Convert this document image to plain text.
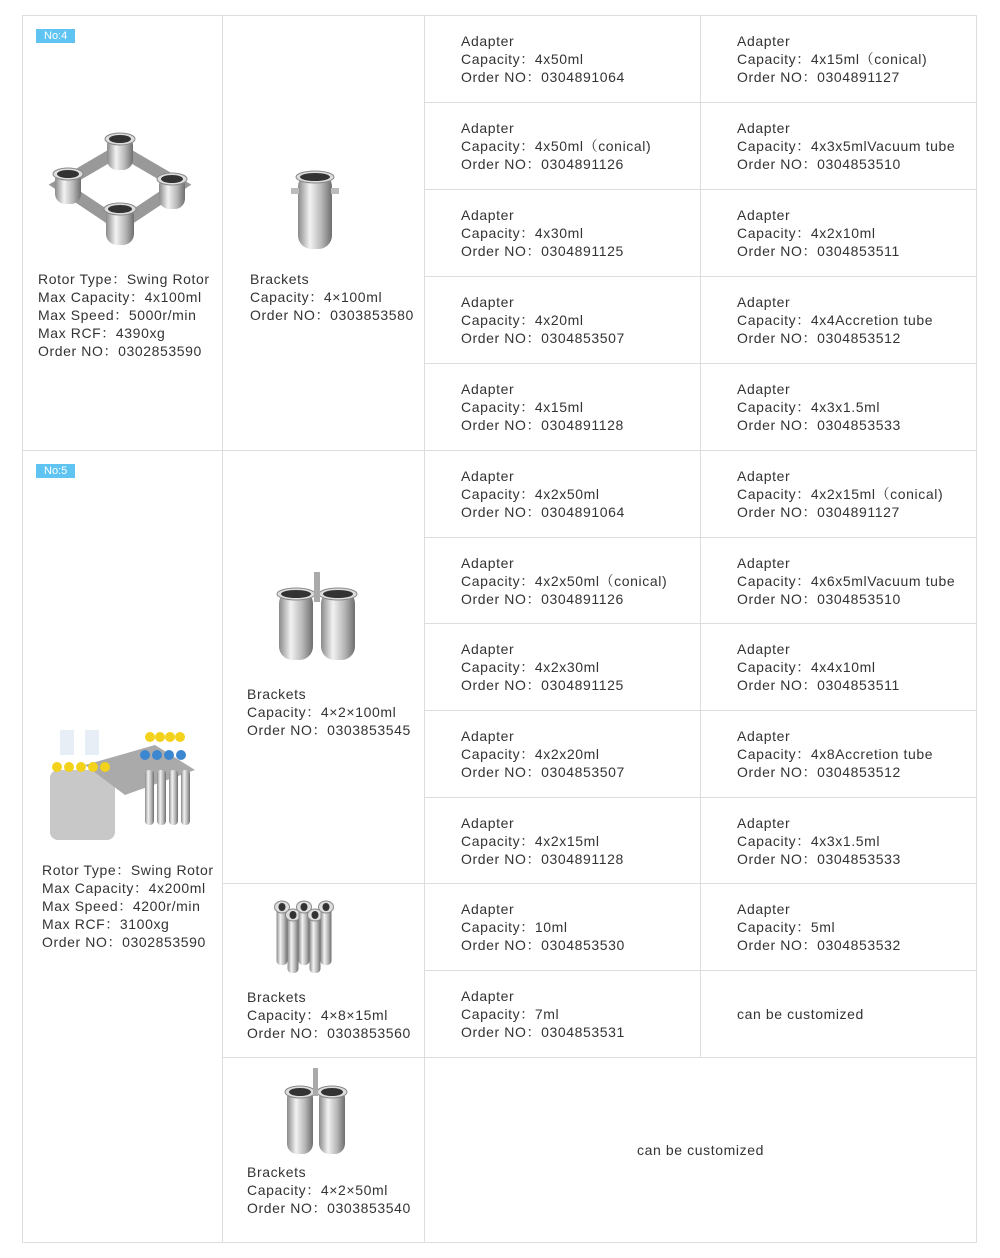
No:4
Rotor Type：Swing Rotor
Max Capacity：4x100ml
Max Speed：5000r/min
Max RCF：4390xg
Order NO：0302853590
Brackets
Capacity：4×100ml
Order NO：0303853580
Adapter
Capacity：4x50ml
Order NO：0304891064
Adapter
Capacity：4x15ml（conical)
Order NO：0304891127
Adapter
Capacity：4x50ml（conical)
Order NO：0304891126
Adapter
Capacity：4x3x5mlVacuum tube
Order NO：0304853510
Adapter
Capacity：4x30ml
Order NO：0304891125
Adapter
Capacity：4x2x10ml
Order NO：0304853511
Adapter
Capacity：4x20ml
Order NO：0304853507
Adapter
Capacity：4x4Accretion tube
Order NO：0304853512
Adapter
Capacity：4x15ml
Order NO：0304891128
Adapter
Capacity：4x3x1.5ml
Order NO：0304853533
No:5
Rotor Type：Swing Rotor
Max Capacity：4x200ml
Max Speed：4200r/min
Max RCF：3100xg
Order NO：0302853590
Brackets
Capacity：4×2×100ml
Order NO：0303853545
Brackets
Capacity：4×8×15ml
Order NO：0303853560
Brackets
Capacity：4×2×50ml
Order NO：0303853540
Adapter
Capacity：4x2x50ml
Order NO：0304891064
Adapter
Capacity：4x2x15ml（conical)
Order NO：0304891127
Adapter
Capacity：4x2x50ml（conical)
Order NO：0304891126
Adapter
Capacity：4x6x5mlVacuum tube
Order NO：0304853510
Adapter
Capacity：4x2x30ml
Order NO：0304891125
Adapter
Capacity：4x4x10ml
Order NO：0304853511
Adapter
Capacity：4x2x20ml
Order NO：0304853507
Adapter
Capacity：4x8Accretion tube
Order NO：0304853512
Adapter
Capacity：4x2x15ml
Order NO：0304891128
Adapter
Capacity：4x3x1.5ml
Order NO：0304853533
Adapter
Capacity：10ml
Order NO：0304853530
Adapter
Capacity：5ml
Order NO：0304853532
Adapter
Capacity：7ml
Order NO：0304853531
can be customized
can be customized
